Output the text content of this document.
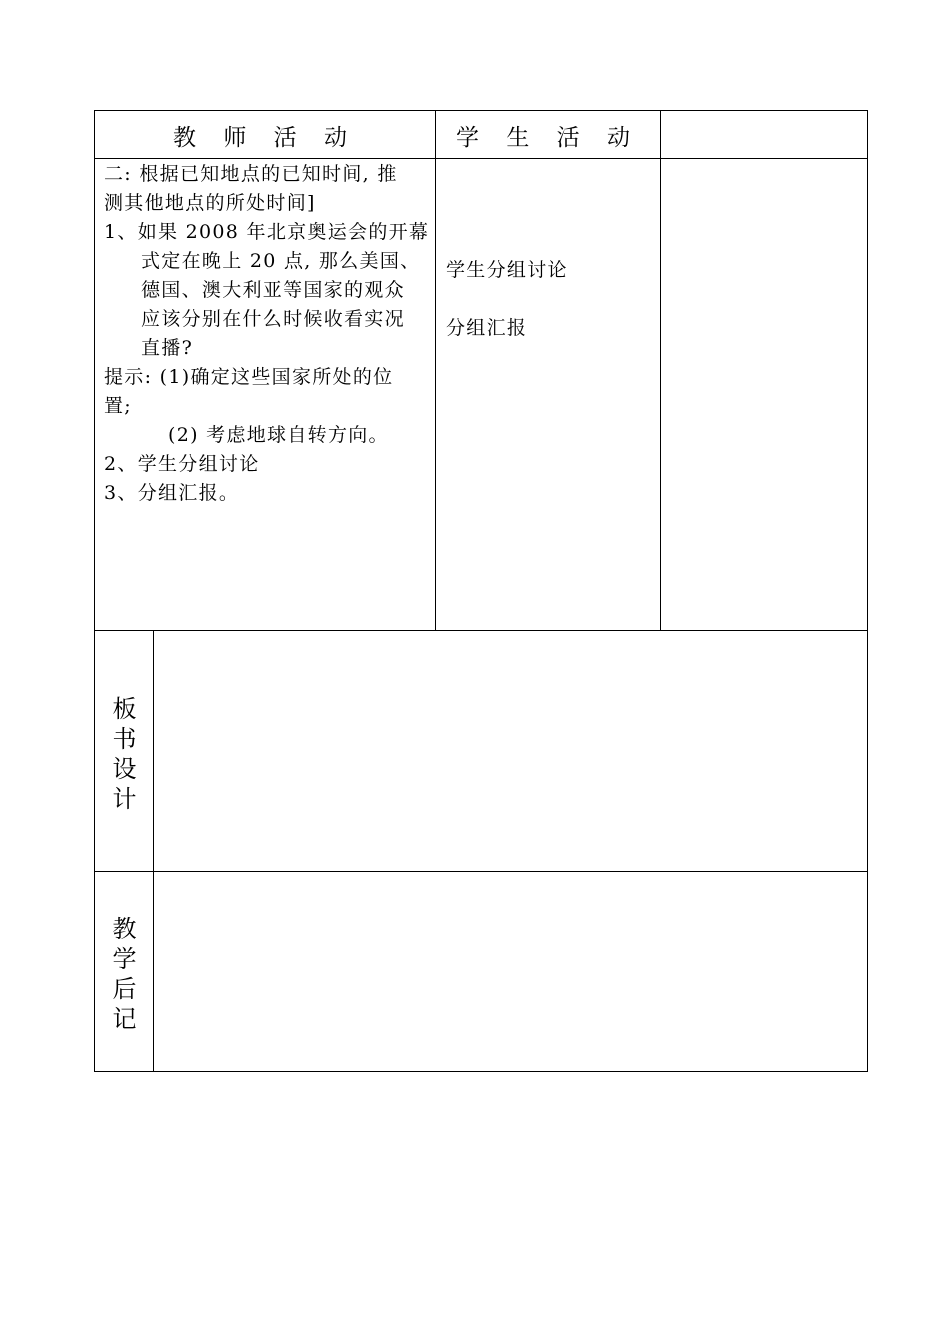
教 师 活 动	学 生 活 动
二: 根据已知地点的已知时间, 推
测其他地点的所处时间]
1、如果 2008 年北京奥运会的开幕
式定在晚上 20 点, 那么美国、
德国、澳大利亚等国家的观众
应该分别在什么时候收看实况
直播?
提示: (1)确定这些国家所处的位
置;
(2) 考虑地球自转方向。
2、学生分组讨论
3、分组汇报。
学生分组讨论
分组汇报
板
书
设
计
教
学
后
记
